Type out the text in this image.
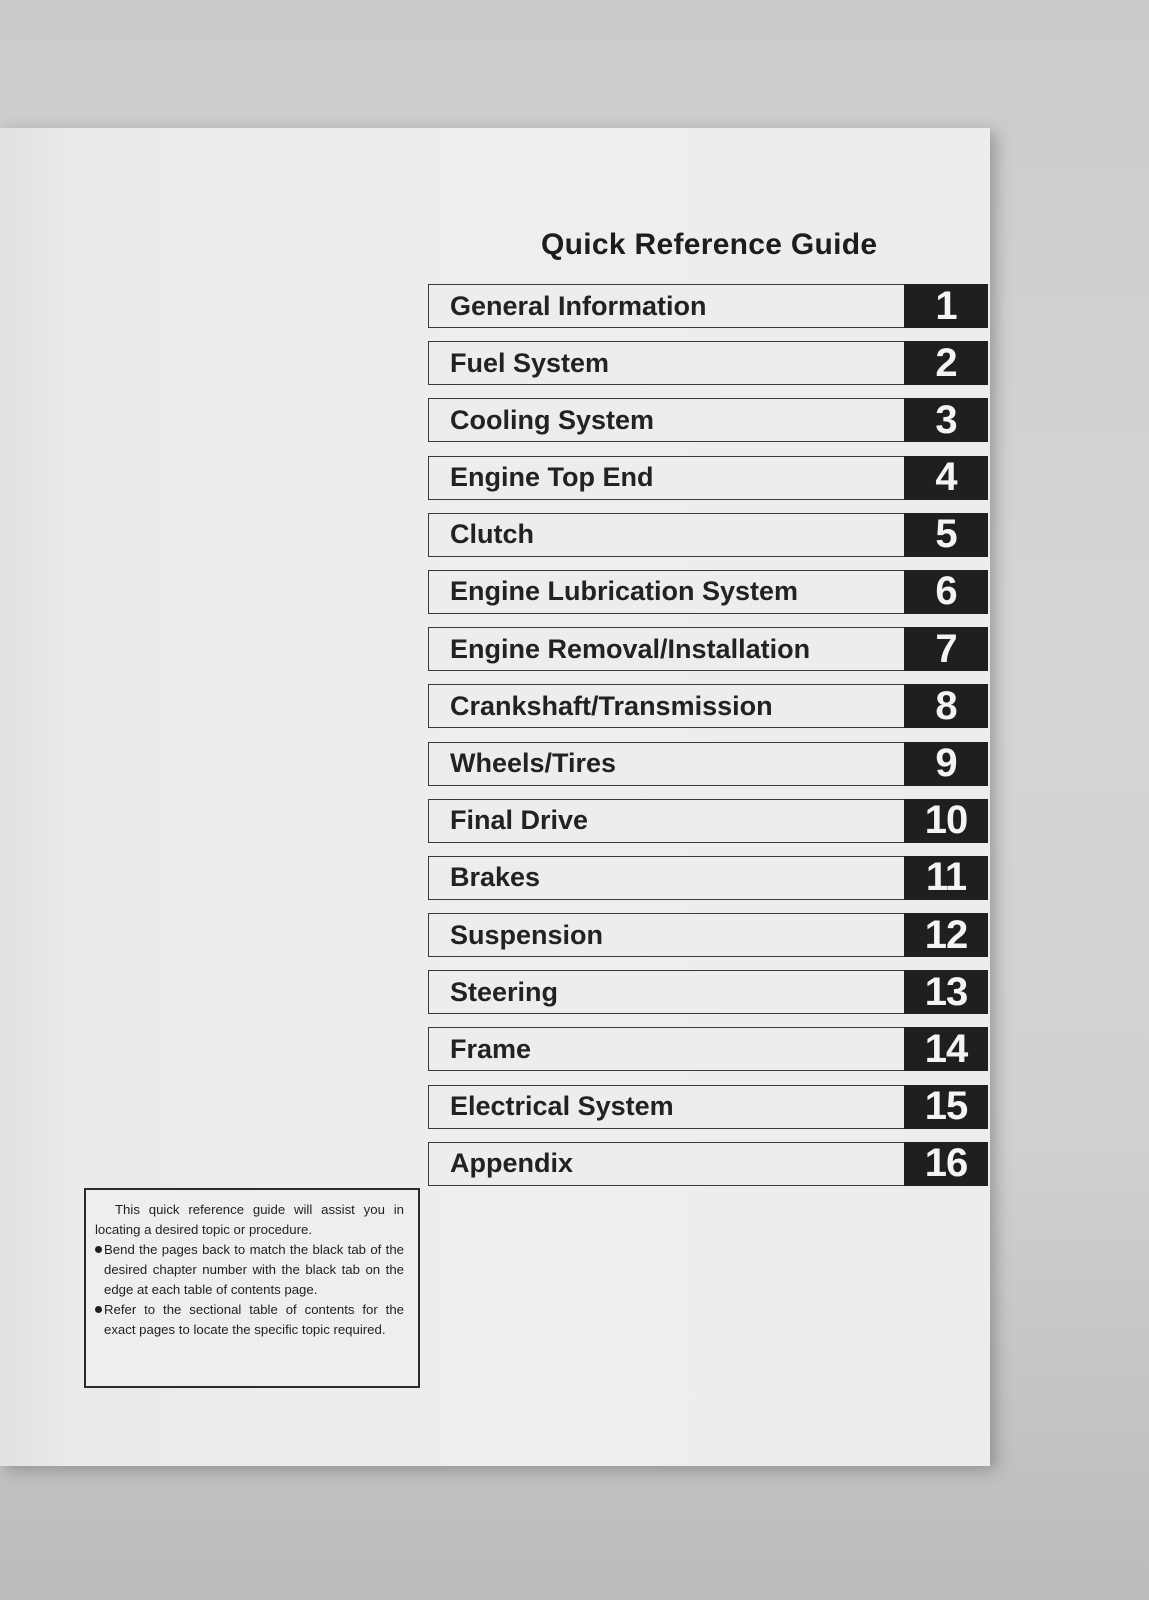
Quick Reference Guide
General Information	1
Fuel System	2
Cooling System	3
Engine Top End	4
Clutch	5
Engine Lubrication System	6
Engine Removal/Installation	7
Crankshaft/Transmission	8
Wheels/Tires	9
Final Drive	10
Brakes	11
Suspension	12
Steering	13
Frame	14
Electrical System	15
Appendix	16

This quick reference guide will assist you in locating a desired topic or procedure.

Bend the pages back to match the black tab of the desired chapter number with the black tab on the edge at each table of contents page.

Refer to the sectional table of contents for the exact pages to locate the specific topic required.
